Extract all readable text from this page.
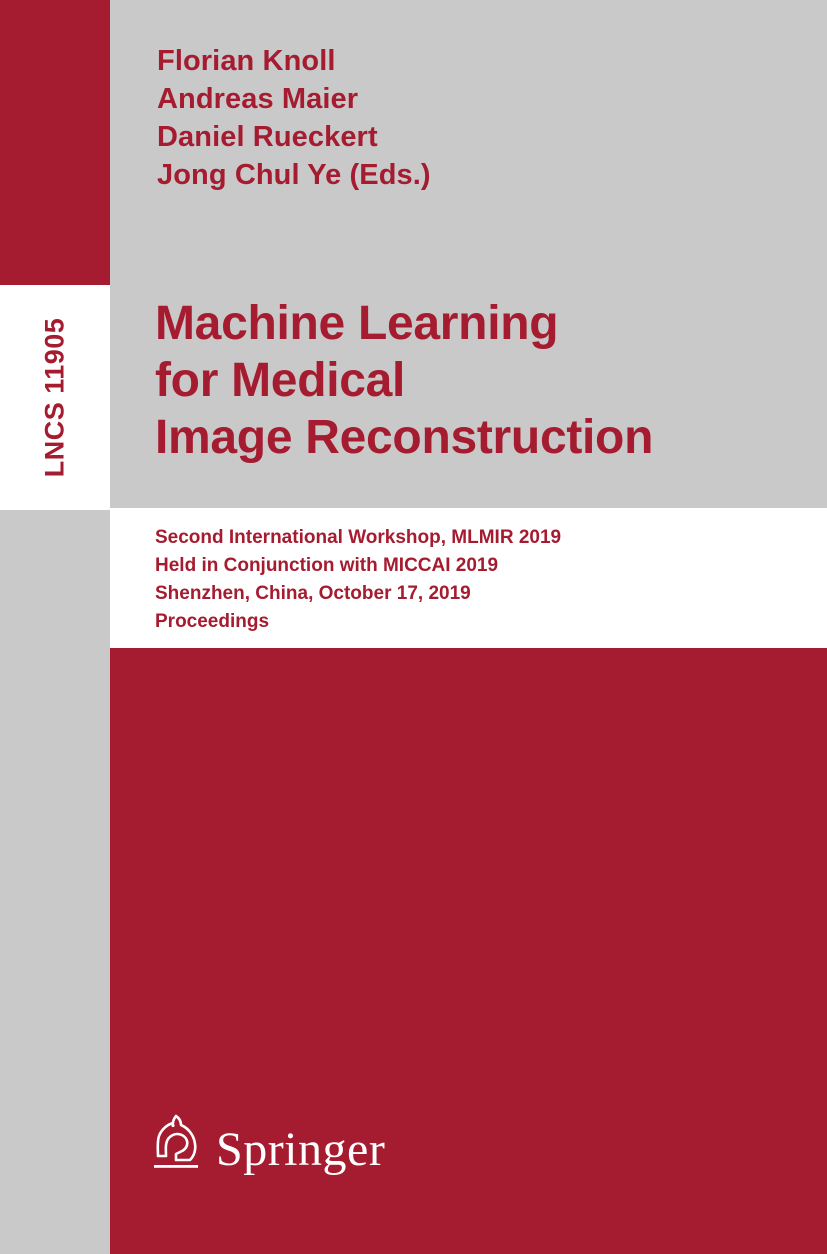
LNCS 11905
Florian Knoll
Andreas Maier
Daniel Rueckert
Jong Chul Ye (Eds.)
Machine Learning
for Medical
Image Reconstruction
Second International Workshop, MLMIR 2019
Held in Conjunction with MICCAI 2019
Shenzhen, China, October 17, 2019
Proceedings
Springer
